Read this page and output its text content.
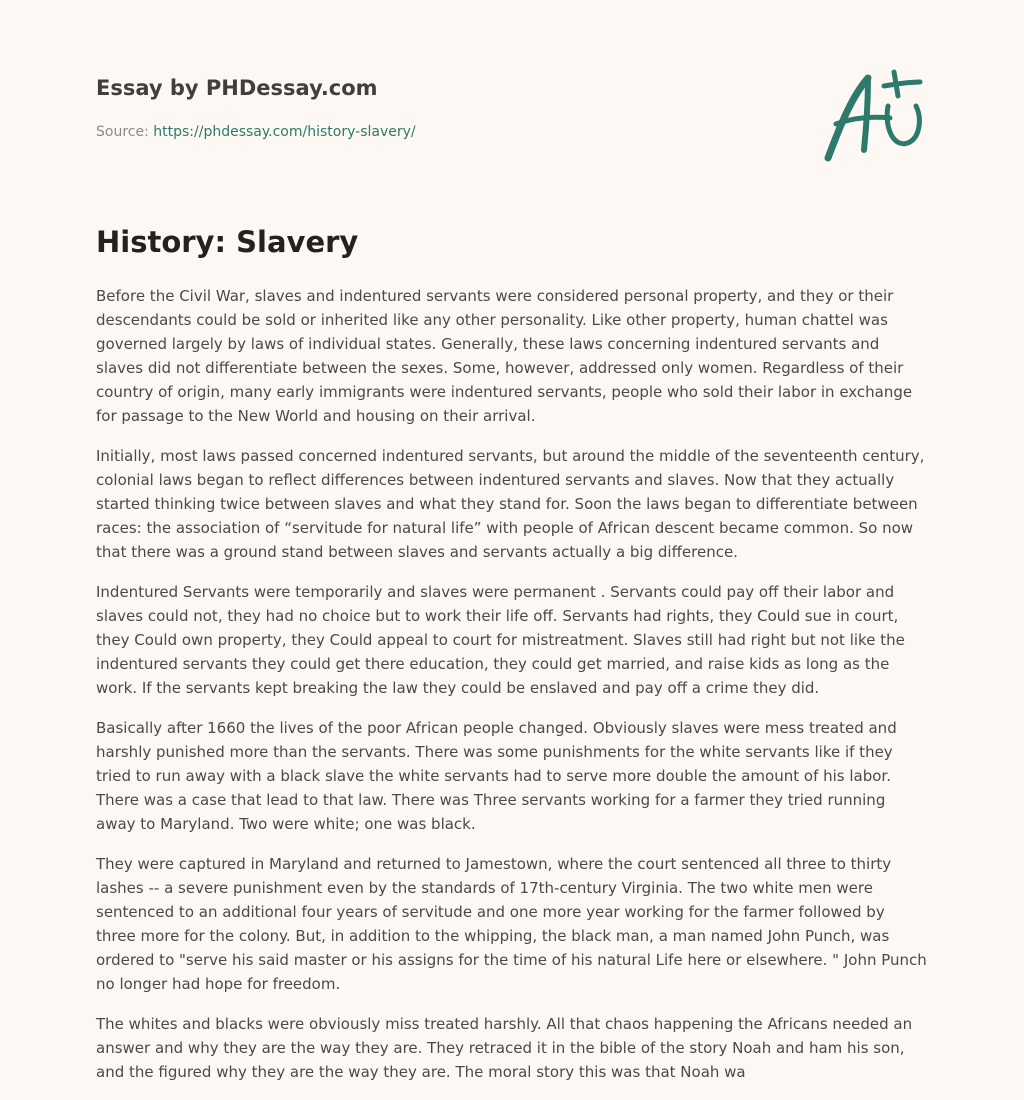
Essay by PHDessay.com

Source: https://phdessay.com/history-slavery/

History: Slavery

Before the Civil War, slaves and indentured servants were considered personal property, and they or their descendants could be sold or inherited like any other personality. Like other property, human chattel was governed largely by laws of individual states. Generally, these laws concerning indentured servants and slaves did not differentiate between the sexes. Some, however, addressed only women. Regardless of their country of origin, many early immigrants were indentured servants, people who sold their labor in exchange for passage to the New World and housing on their arrival.

Initially, most laws passed concerned indentured servants, but around the middle of the seventeenth century, colonial laws began to reflect differences between indentured servants and slaves. Now that they actually started thinking twice between slaves and what they stand for. Soon the laws began to differentiate between races: the association of “servitude for natural life” with people of African descent became common. So now that there was a ground stand between slaves and servants actually a big difference.

Indentured Servants were temporarily and slaves were permanent . Servants could pay off their labor and slaves could not, they had no choice but to work their life off. Servants had rights, they Could sue in court, they Could own property, they Could appeal to court for mistreatment. Slaves still had right but not like the indentured servants they could get there education, they could get married, and raise kids as long as the work. If the servants kept breaking the law they could be enslaved and pay off a crime they did.

Basically after 1660 the lives of the poor African people changed. Obviously slaves were mess treated and harshly punished more than the servants. There was some punishments for the white servants like if they tried to run away with a black slave the white servants had to serve more double the amount of his labor. There was a case that lead to that law. There was Three servants working for a farmer they tried running away to Maryland. Two were white; one was black.

They were captured in Maryland and returned to Jamestown, where the court sentenced all three to thirty lashes -- a severe punishment even by the standards of 17th-century Virginia. The two white men were sentenced to an additional four years of servitude and one more year working for the farmer followed by three more for the colony. But, in addition to the whipping, the black man, a man named John Punch, was ordered to "serve his said master or his assigns for the time of his natural Life here or elsewhere. " John Punch no longer had hope for freedom.

The whites and blacks were obviously miss treated harshly. All that chaos happening the Africans needed an answer and why they are the way they are. They retraced it in the bible of the story Noah and ham his son, and the figured why they are the way they are. The moral story this was that Noah wa
